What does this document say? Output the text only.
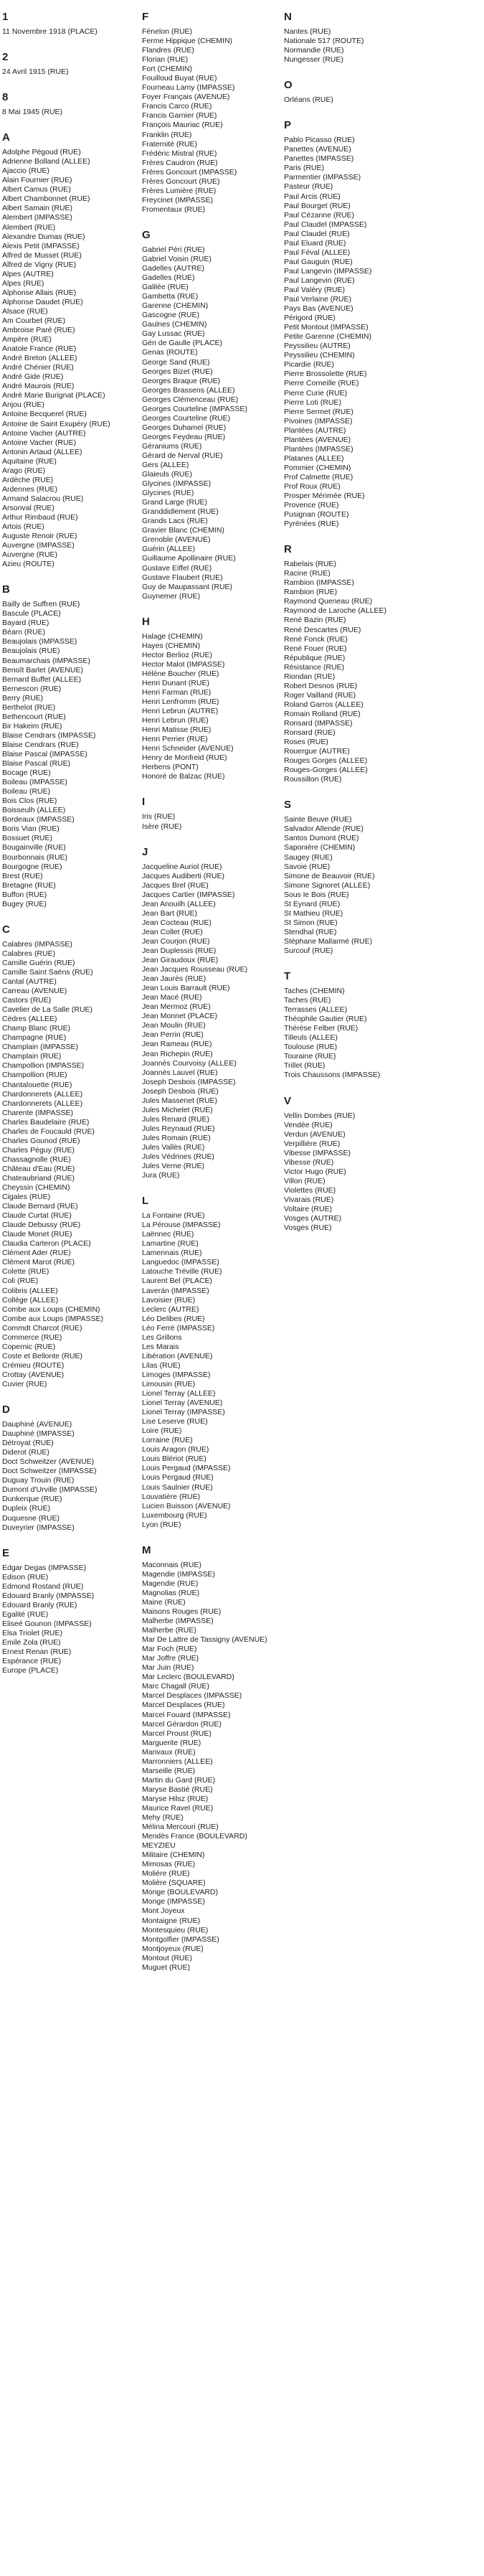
1
11 Novembre 1918 (PLACE)
2
24 Avril 1915 (RUE)
8
8 Mai 1945 (RUE)
A
Adolphe Pégoud (RUE)
Adrienne Bolland (ALLEE)
Ajaccio (RUE)
Alain Fournier (RUE)
Albert Camus (RUE)
Albert Chambonnet (RUE)
Albert Samain (RUE)
Alembert (IMPASSE)
Alembert (RUE)
Alexandre Dumas (RUE)
Alexis Petit (IMPASSE)
Alfred de Musset (RUE)
Alfred de Vigny (RUE)
Alpes (AUTRE)
Alpes (RUE)
Alphonse Allais (RUE)
Alphonse Daudet (RUE)
Alsace (RUE)
Am Courbet (RUE)
Ambroise Paré (RUE)
Ampère (RUE)
Anatole France (RUE)
André Breton (ALLEE)
André Chénier (RUE)
André Gide (RUE)
André Maurois (RUE)
André Marie Burignat (PLACE)
Anjou (RUE)
Antoine Becquerel (RUE)
Antoine de Saint Exupéry (RUE)
Antoine Vacher (AUTRE)
Antoine Vacher (RUE)
Antonin Artaud (ALLEE)
Aquitaine (RUE)
Arago (RUE)
Ardèche (RUE)
Ardennes (RUE)
Armand Salacrou (RUE)
Arsonval (RUE)
Arthur Rimbaud (RUE)
Artois (RUE)
Auguste Renoir (RUE)
Auvergne (IMPASSE)
Auvergne (RUE)
Azieu (ROUTE)
B
Bailly de Suffren (RUE)
Bascule (PLACE)
Bayard (RUE)
Béarn (RUE)
Beaujolais (IMPASSE)
Beaujolais (RUE)
Beaumarchais (IMPASSE)
Benoît Barlet (AVENUE)
Bernard Buffet (ALLEE)
Bernescon (RUE)
Berry (RUE)
Berthelot (RUE)
Bethencourt (RUE)
Bir Hakeim (RUE)
Blaise Cendrars (IMPASSE)
Blaise Cendrars (RUE)
Blaise Pascal (IMPASSE)
Blaise Pascal (RUE)
Bocage (RUE)
Boileau (IMPASSE)
Boileau (RUE)
Bois Clos (RUE)
Boisseulh (ALLEE)
Bordeaux (IMPASSE)
Boris Vian (RUE)
Bossuet (RUE)
Bougainville (RUE)
Bourbonnais (RUE)
Bourgogne (RUE)
Brest (RUE)
Bretagne (RUE)
Buffon (RUE)
Bugey (RUE)
C
Calabres (IMPASSE)
Calabres (RUE)
Camille Guérin (RUE)
Camille Saint Saëns (RUE)
Cantal (AUTRE)
Carreau (AVENUE)
Castors (RUE)
Cavelier de La Salle (RUE)
Cèdres (ALLEE)
Champ Blanc (RUE)
Champagne (RUE)
Champlain (IMPASSE)
Champlain (RUE)
Champollion (IMPASSE)
Champollion (RUE)
Chantalouette (RUE)
Chardonnerets (ALLEE)
Chardonnerets (ALLEE)
Charente (IMPASSE)
Charles Baudelaire (RUE)
Charles de Foucauld (RUE)
Charles Gounod (RUE)
Charles Péguy (RUE)
Chassagnolle (RUE)
Château d'Eau (RUE)
Chateaubriand (RUE)
Cheyssin (CHEMIN)
Cigales (RUE)
Claude Bernard (RUE)
Claude Curtat (RUE)
Claude Debussy (RUE)
Claude Monet (RUE)
Claudia Carteron (PLACE)
Clément Ader (RUE)
Clément Marot (RUE)
Colette (RUE)
Coli (RUE)
Colibris (ALLEE)
Collège (ALLEE)
Combe aux Loups (CHEMIN)
Combe aux Loups (IMPASSE)
Commdt Charcot (RUE)
Commerce (RUE)
Copernic (RUE)
Coste et Bellonte (RUE)
Crémieu (ROUTE)
Crottay (AVENUE)
Cuvier (RUE)
D
Dauphiné (AVENUE)
Dauphiné (IMPASSE)
Détroyat (RUE)
Diderot (RUE)
Doct Schweitzer (AVENUE)
Doct Schweitzer (IMPASSE)
Duguay Trouin (RUE)
Dumont d'Urville (IMPASSE)
Dunkerque (RUE)
Dupleix (RUE)
Duquesne (RUE)
Duveyrier (IMPASSE)
E
Edgar Degas (IMPASSE)
Edison (RUE)
Edmond Rostand (RUE)
Edouard Branly (IMPASSE)
Edouard Branly (RUE)
Egalité (RUE)
Eliseé Gounon (IMPASSE)
Elsa Triolet (RUE)
Emile Zola (RUE)
Ernest Renan (RUE)
Espérance (RUE)
Europe (PLACE)
F
Fénelon (RUE)
Ferme Hippique (CHEMIN)
Flandres (RUE)
Florian (RUE)
Fort (CHEMIN)
Fouilloud Buyat (RUE)
Fourneau Lamy (IMPASSE)
Foyer Français (AVENUE)
Francis Carco (RUE)
Francis Garnier (RUE)
François Mauriac (RUE)
Franklin (RUE)
Fraternité (RUE)
Frédéric Mistral (RUE)
Frères Caudron (RUE)
Frères Goncourt (IMPASSE)
Frères Goncourt (RUE)
Frères Lumière (RUE)
Freycinet (IMPASSE)
Fromentaux (RUE)
G
Gabriel Péri (RUE)
Gabriel Voisin (RUE)
Gadelles (AUTRE)
Gadelles (RUE)
Galilée (RUE)
Gambetta (RUE)
Garenne (CHEMIN)
Gascogne (RUE)
Gaulnes (CHEMIN)
Gay Lussac (RUE)
Gén de Gaulle (PLACE)
Genas (ROUTE)
George Sand (RUE)
Georges Bizet (RUE)
Georges Braque (RUE)
Georges Brassens (ALLEE)
Georges Clémenceau (RUE)
Georges Courteline (IMPASSE)
Georges Courteline (RUE)
Georges Duhamel (RUE)
Georges Feydeau (RUE)
Géraniums (RUE)
Gérard de Nerval (RUE)
Gers (ALLEE)
Glaieuls (RUE)
Glycines (IMPASSE)
Glycines (RUE)
Grand Large (RUE)
Granddidlement (RUE)
Grands Lacs (RUE)
Gravier Blanc (CHEMIN)
Grenoble (AVENUE)
Guérin (ALLEE)
Guillaume Apollinaire (RUE)
Gustave Eiffel (RUE)
Gustave Flaubert (RUE)
Guy de Maupassant (RUE)
Guynemer (RUE)
H
Halage (CHEMIN)
Hayes (CHEMIN)
Hector Berlioz (RUE)
Hector Malot (IMPASSE)
Hélène Boucher (RUE)
Henri Dunant (RUE)
Henri Farman (RUE)
Henri Lenfromm (RUE)
Henri Lebrun (AUTRE)
Henri Lebrun (RUE)
Henri Matisse (RUE)
Henri Perrier (RUE)
Henri Schneider (AVENUE)
Henry de Monfreid (RUE)
Herbens (PONT)
Honoré de Balzac (RUE)
I
Iris (RUE)
Isère (RUE)
J
Jacqueline Auriol (RUE)
Jacques Audiberti (RUE)
Jacques Brel (RUE)
Jacques Cartier (IMPASSE)
Jean Anouilh (ALLEE)
Jean Bart (RUE)
Jean Cocteau (RUE)
Jean Collet (RUE)
Jean Courjon (RUE)
Jean Duplessis (RUE)
Jean Giraudoux (RUE)
Jean Jacques Rousseau (RUE)
Jean Jaurès (RUE)
Jean Louis Barrault (RUE)
Jean Macé (RUE)
Jean Mermoz (RUE)
Jean Monnet (PLACE)
Jean Moulin (RUE)
Jean Perrin (RUE)
Jean Rameau (RUE)
Jean Richepin (RUE)
Joannès Courvoisy (ALLEE)
Joannès Lauvel (RUE)
Joseph Desbois (IMPASSE)
Joseph Desbois (RUE)
Jules Massenet (RUE)
Jules Michelet (RUE)
Jules Renard (RUE)
Jules Reynaud (RUE)
Jules Romain (RUE)
Jules Vallès (RUE)
Jules Védrines (RUE)
Jules Verne (RUE)
Jura (RUE)
L
La Fontaine (RUE)
La Pérouse (IMPASSE)
Laënnec (RUE)
Lamartine (RUE)
Lamennais (RUE)
Languedoc (IMPASSE)
Latouche Tréville (RUE)
Laurent Bel (PLACE)
Laverán (IMPASSE)
Lavoisier (RUE)
Leclerc (AUTRE)
Léo Delibes (RUE)
Léo Ferré (IMPASSE)
Les Grillons
Les Marais
Libération (AVENUE)
Lilas (RUE)
Limoges (IMPASSE)
Limousin (RUE)
Lionel Terray (ALLEE)
Lionel Terray (AVENUE)
Lionel Terray (IMPASSE)
Lise Leserve (RUE)
Loire (RUE)
Lorraine (RUE)
Louis Aragon (RUE)
Louis Blériot (RUE)
Louis Pergaud (IMPASSE)
Louis Pergaud (RUE)
Louis Saulnier (RUE)
Louvatière (RUE)
Lucien Buisson (AVENUE)
Luxembourg (RUE)
Lyon (RUE)
M
Maconnais (RUE)
Magendie (IMPASSE)
Magendie (RUE)
Magnolias (RUE)
Maine (RUE)
Maisons Rouges (RUE)
Malherbe (IMPASSE)
Malherbe (RUE)
Mar De Lattre de Tassigny (AVENUE)
Mar Foch (RUE)
Mar Joffre (RUE)
Mar Juin (RUE)
Mar Leclerc (BOULEVARD)
Marc Chagall (RUE)
Marcel Desplaces (IMPASSE)
Marcel Desplaces (RUE)
Marcel Fouard (IMPASSE)
Marcel Gérardon (RUE)
Marcel Proust (RUE)
Marguerite (RUE)
Marivaux (RUE)
Marronniers (ALLEE)
Marseille (RUE)
Martin du Gard (RUE)
Maryse Bastié (RUE)
Maryse Hilsz (RUE)
Maurice Ravel (RUE)
Mehy (RUE)
Mélina Mercouri (RUE)
Mendès France (BOULEVARD)
MEYZIEU
Militaire (CHEMIN)
Mimosas (RUE)
Molière (RUE)
Molière (SQUARE)
Monge (BOULEVARD)
Monge (IMPASSE)
Mont Joyeux
Montaigne (RUE)
Montesquieu (RUE)
Montgolfier (IMPASSE)
Montjoyeux (RUE)
Montout (RUE)
Muguet (RUE)
N
Nantes (RUE)
Nationale 517 (ROUTE)
Normandie (RUE)
Nungesser (RUE)
O
Orléans (RUE)
P
Pablo Picasso (RUE)
Panettes (AVENUE)
Panettes (IMPASSE)
Paris (RUE)
Parmentier (IMPASSE)
Pasteur (RUE)
Paul Arcis (RUE)
Paul Bourget (RUE)
Paul Cézanne (RUE)
Paul Claudel (IMPASSE)
Paul Claudel (RUE)
Paul Eluard (RUE)
Paul Féval (ALLEE)
Paul Gauguin (RUE)
Paul Langevin (IMPASSE)
Paul Langevin (RUE)
Paul Valéry (RUE)
Paul Verlaine (RUE)
Pays Bas (AVENUE)
Périgord (RUE)
Petit Montout (IMPASSE)
Petite Garenne (CHEMIN)
Peyssilieu (AUTRE)
Peyssilieu (CHEMIN)
Picardie (RUE)
Pierre Brossolette (RUE)
Pierre Corneille (RUE)
Pierre Curie (RUE)
Pierre Loti (RUE)
Pierre Sermet (RUE)
Pivoines (IMPASSE)
Plantées (AUTRE)
Plantées (AVENUE)
Plantées (IMPASSE)
Platanes (ALLEE)
Pommier (CHEMIN)
Prof Calmette (RUE)
Prof Roux (RUE)
Prosper Mérimée (RUE)
Provence (RUE)
Pusignan (ROUTE)
Pyrénées (RUE)
R
Rabelais (RUE)
Racine (RUE)
Rambion (IMPASSE)
Rambion (RUE)
Raymond Queneau (RUE)
Raymond de Laroche (ALLEE)
René Bazin (RUE)
René Descartes (RUE)
René Fonck (RUE)
René Fouer (RUE)
République (RUE)
Résistance (RUE)
Riondan (RUE)
Robert Desnos (RUE)
Roger Vailland (RUE)
Roland Garros (ALLEE)
Romain Rolland (RUE)
Ronsard (IMPASSE)
Ronsard (RUE)
Roses (RUE)
Rouergue (AUTRE)
Rouges Gorges (ALLEE)
Rouges-Gorges (ALLEE)
Roussillon (RUE)
S
Sainte Beuve (RUE)
Salvador Allende (RUE)
Santos Dumont (RUE)
Saponière (CHEMIN)
Saugey (RUE)
Savoie (RUE)
Simone de Beauvoir (RUE)
Simone Signoret (ALLEE)
Sous le Bois (RUE)
St Eynard (RUE)
St Mathieu (RUE)
St Simon (RUE)
Stendhal (RUE)
Stéphane Mallarmé (RUE)
Surcouf (RUE)
T
Taches (CHEMIN)
Taches (RUE)
Terrasses (ALLEE)
Théophile Gautier (RUE)
Thérèse Felber (RUE)
Tilleuls (ALLEE)
Toulouse (RUE)
Touraine (RUE)
Trillet (RUE)
Trois Chaussons (IMPASSE)
V
Vellin Dombes (RUE)
Vendée (RUE)
Verdun (AVENUE)
Verpillière (RUE)
Vibesse (IMPASSE)
Vibesse (RUE)
Victor Hugo (RUE)
Villon (RUE)
Violettes (RUE)
Vivarais (RUE)
Voltaire (RUE)
Vosges (AUTRE)
Vosges (RUE)
